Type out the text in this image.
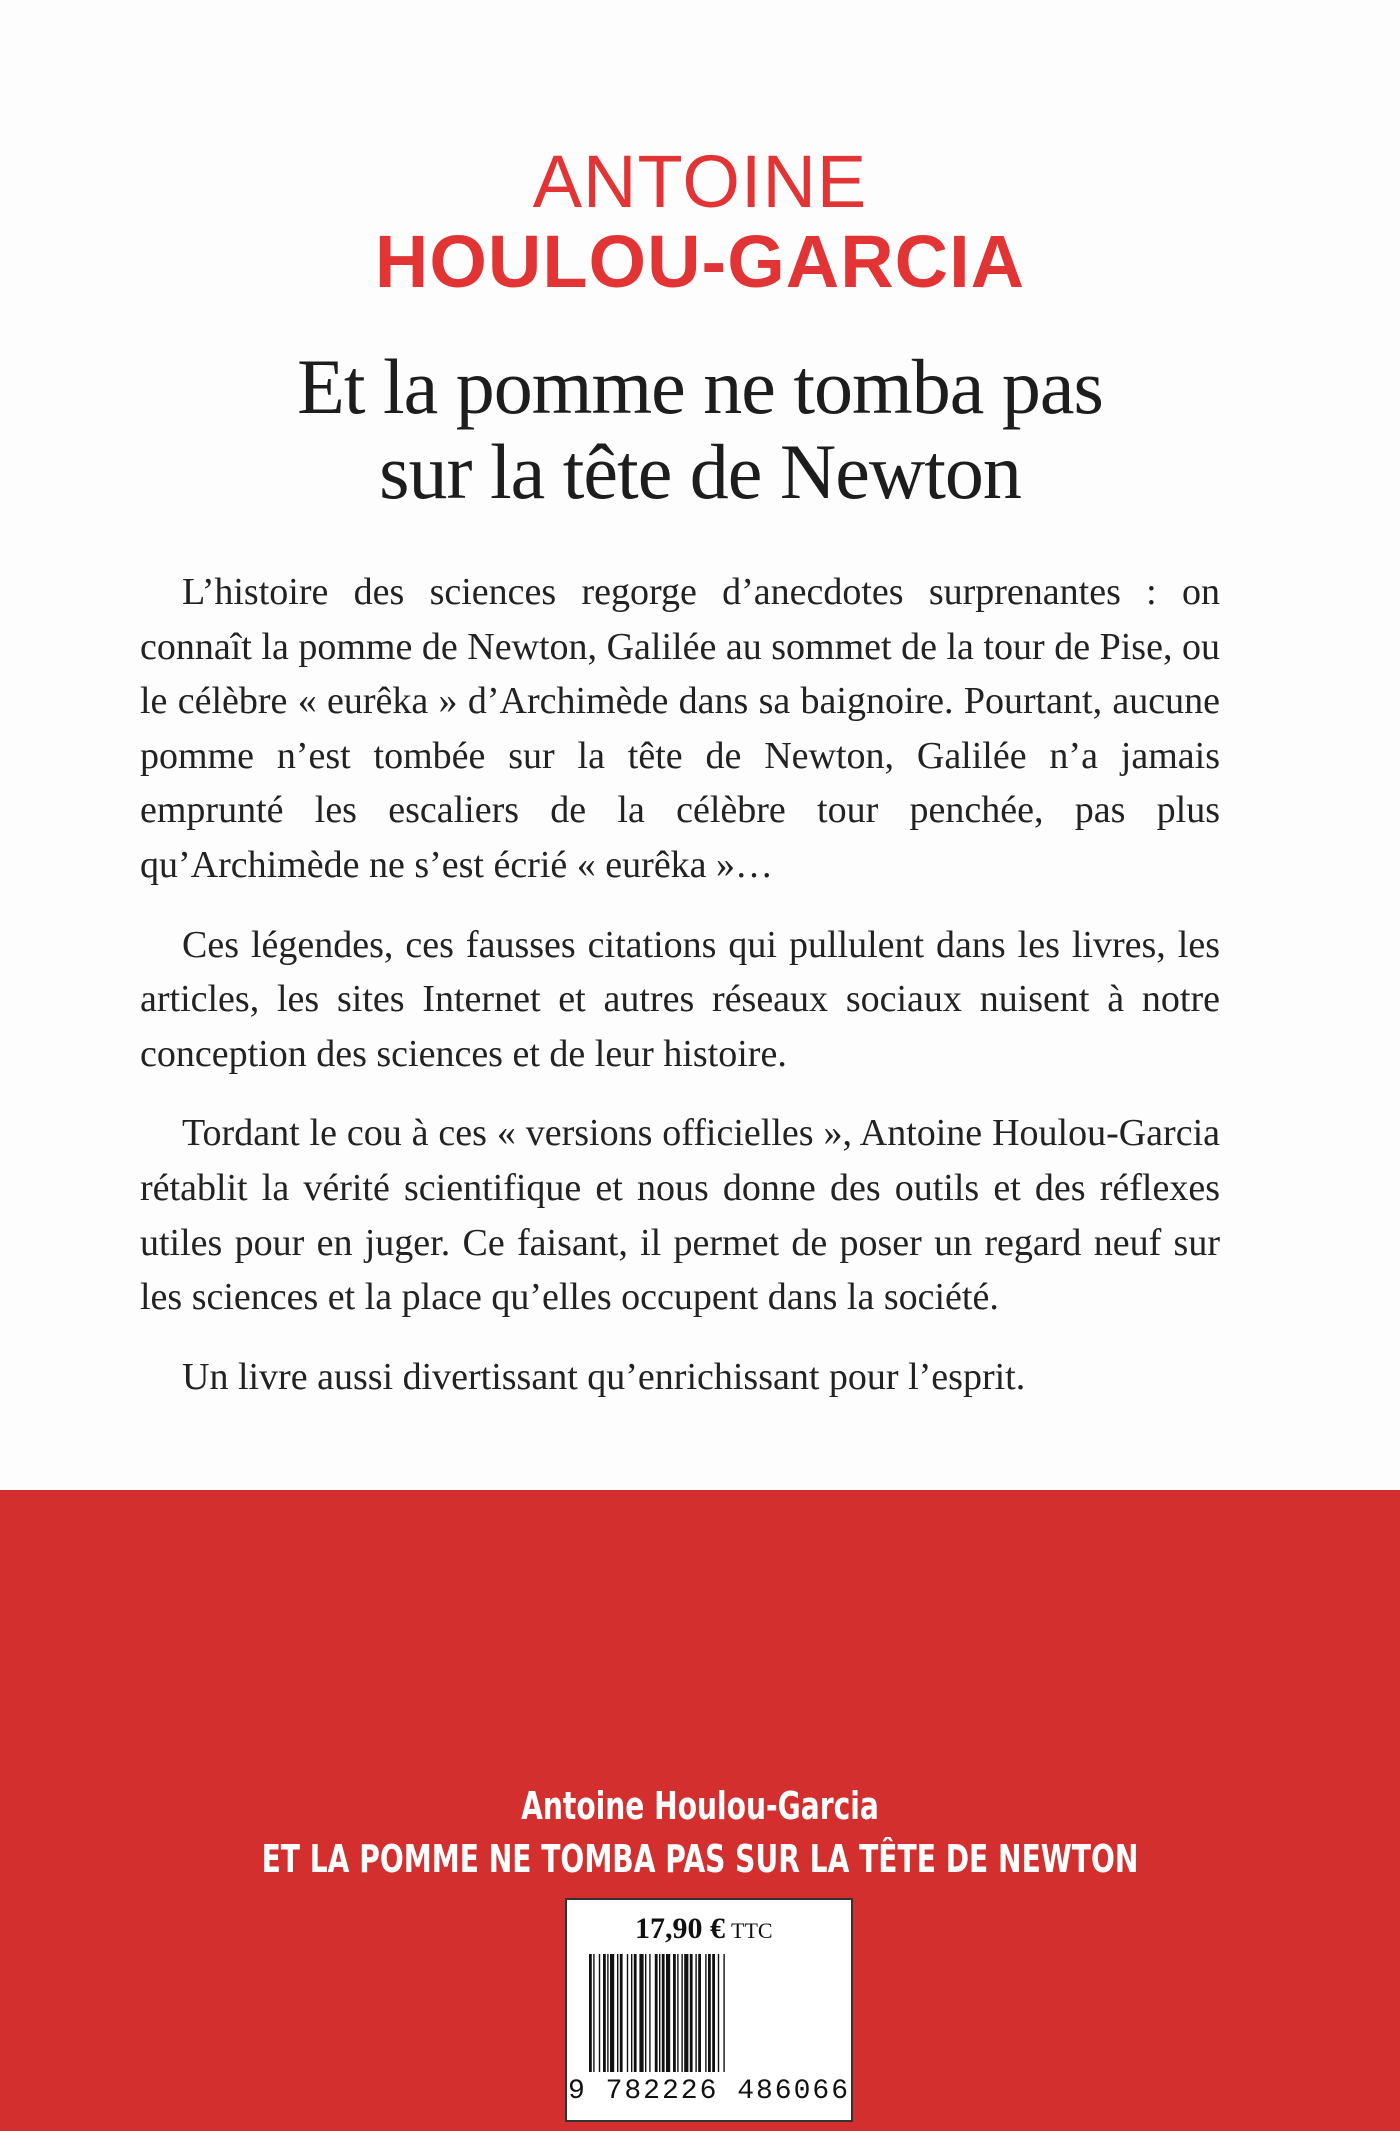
ANTOINE
HOULOU-GARCIA
Et la pomme ne tomba pas
sur la tête de Newton

L’histoire des sciences regorge d’anecdotes surprenantes : on connaît la pomme de Newton, Galilée au sommet de la tour de Pise, ou le célèbre « eurêka » d’Archimède dans sa baignoire. Pourtant, aucune pomme n’est tombée sur la tête de Newton, Galilée n’a jamais emprunté les escaliers de la célèbre tour penchée, pas plus qu’Archimède ne s’est écrié « eurêka »…

Ces légendes, ces fausses citations qui pullulent dans les livres, les articles, les sites Internet et autres réseaux sociaux nuisent à notre conception des sciences et de leur histoire.

Tordant le cou à ces « versions officielles », Antoine Houlou-Garcia rétablit la vérité scientifique et nous donne des outils et des réflexes utiles pour en juger. Ce faisant, il permet de poser un regard neuf sur les sciences et la place qu’elles occupent dans la société.

Un livre aussi divertissant qu’enrichissant pour l’esprit.

Antoine Houlou-Garcia
ET LA POMME NE TOMBA PAS SUR LA TÊTE DE NEWTON
17,90 € TTC
9 782226 486066
